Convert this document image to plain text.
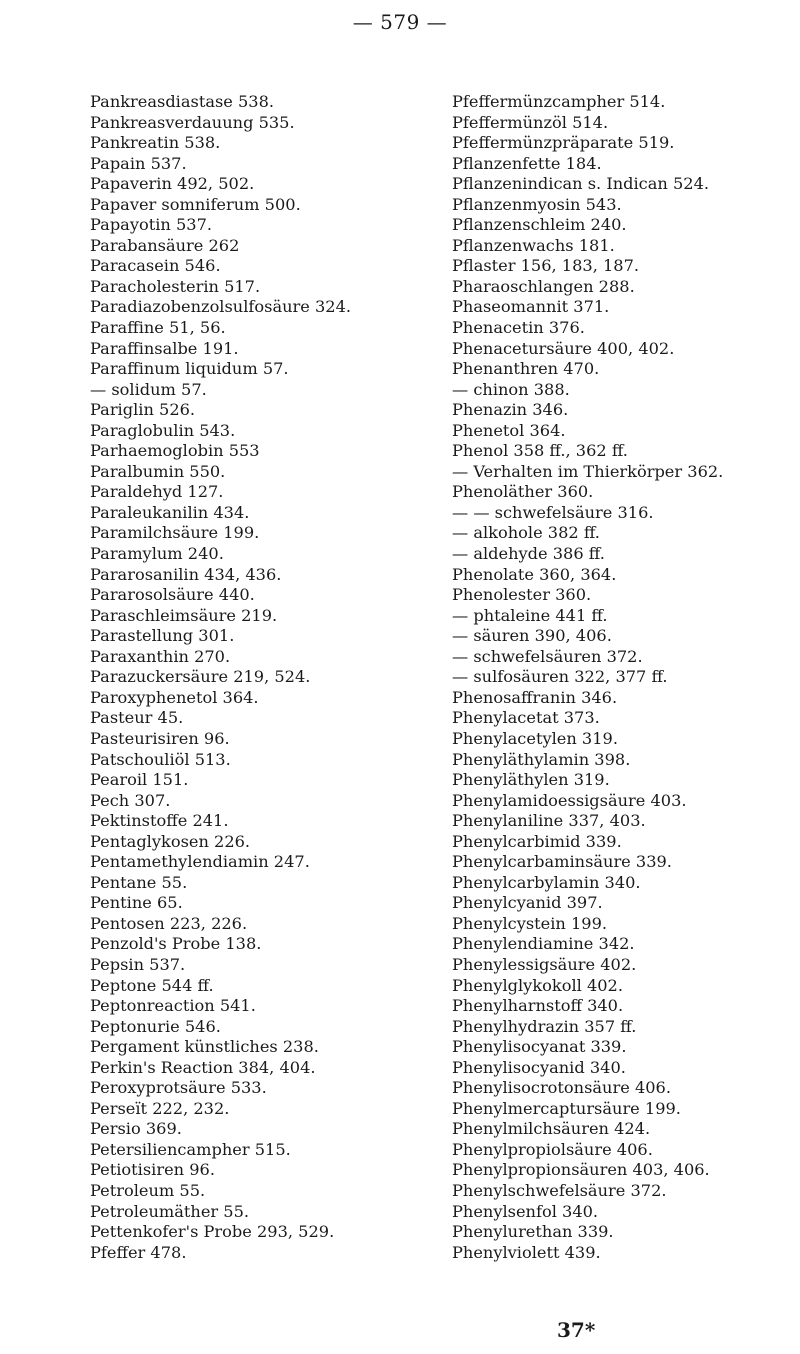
— 579 —
Pankreasdiastase 538.
Pankreasverdauung 535.
Pankreatin 538.
Papain 537.
Papaverin 492, 502.
Papaver somniferum 500.
Papayotin 537.
Parabansäure 262
Paracasein 546.
Paracholesterin 517.
Paradiazobenzolsulfosäure 324.
Paraffine 51, 56.
Paraffinsalbe 191.
Paraffinum liquidum 57.
— solidum 57.
Pariglin 526.
Paraglobulin 543.
Parhaemoglobin 553
Paralbumin 550.
Paraldehyd 127.
Paraleukanilin 434.
Paramilchsäure 199.
Paramylum 240.
Pararosanilin 434, 436.
Pararosolsäure 440.
Paraschleimsäure 219.
Parastellung 301.
Paraxanthin 270.
Parazuckersäure 219, 524.
Paroxyphenetol 364.
Pasteur 45.
Pasteurisiren 96.
Patschouliöl 513.
Pearoil 151.
Pech 307.
Pektinstoffe 241.
Pentaglykosen 226.
Pentamethylendiamin 247.
Pentane 55.
Pentine 65.
Pentosen 223, 226.
Penzold's Probe 138.
Pepsin 537.
Peptone 544 ff.
Peptonreaction 541.
Peptonurie 546.
Pergament künstliches 238.
Perkin's Reaction 384, 404.
Peroxyprotsäure 533.
Perseït 222, 232.
Persio 369.
Petersiliencampher 515.
Petiotisiren 96.
Petroleum 55.
Petroleumäther 55.
Pettenkofer's Probe 293, 529.
Pfeffer 478.
Pfeffermünzcampher 514.
Pfeffermünzöl 514.
Pfeffermünzpräparate 519.
Pflanzenfette 184.
Pflanzenindican s. Indican 524.
Pflanzenmyosin 543.
Pflanzenschleim 240.
Pflanzenwachs 181.
Pflaster 156, 183, 187.
Pharaoschlangen 288.
Phaseomannit 371.
Phenacetin 376.
Phenacetursäure 400, 402.
Phenanthren 470.
— chinon 388.
Phenazin 346.
Phenetol 364.
Phenol 358 ff., 362 ff.
— Verhalten im Thierkörper 362.
Phenoläther 360.
— — schwefelsäure 316.
— alkohole 382 ff.
— aldehyde 386 ff.
Phenolate 360, 364.
Phenolester 360.
— phtaleine 441 ff.
— säuren 390, 406.
— schwefelsäuren 372.
— sulfosäuren 322, 377 ff.
Phenosaffranin 346.
Phenylacetat 373.
Phenylacetylen 319.
Phenyläthylamin 398.
Phenyläthylen 319.
Phenylamidoessigsäure 403.
Phenylaniline 337, 403.
Phenylcarbimid 339.
Phenylcarbaminsäure 339.
Phenylcarbylamin 340.
Phenylcyanid 397.
Phenylcystein 199.
Phenylendiamine 342.
Phenylessigsäure 402.
Phenylglykokoll 402.
Phenylharnstoff 340.
Phenylhydrazin 357 ff.
Phenylisocyanat 339.
Phenylisocyanid 340.
Phenylisocrotonsäure 406.
Phenylmercaptursäure 199.
Phenylmilchsäuren 424.
Phenylpropiolsäure 406.
Phenylpropionsäuren 403, 406.
Phenylschwefelsäure 372.
Phenylsenfol 340.
Phenylurethan 339.
Phenylviolett 439.
37*
